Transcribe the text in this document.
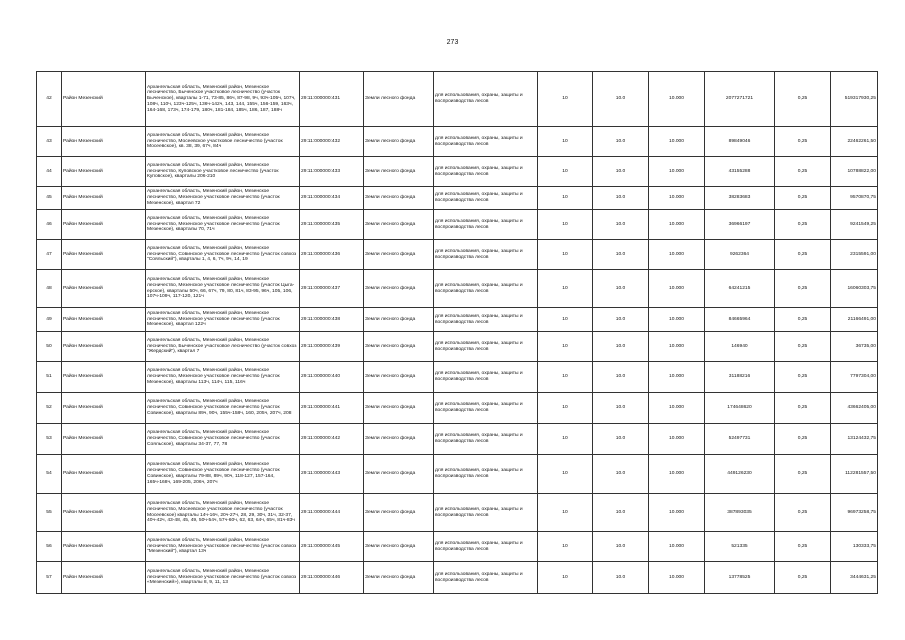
273
42	Район Мезенский	Архангельская область, Мезенский район, Мезенское лесничество, Быченское участковое лесничество (участок Быченское), кварталы 1-71, 73-85, 86ч, 87-98, 9ч, 93ч-105ч, 107ч, 108ч, 110ч, 123ч-125ч, 136ч-142ч, 143, 144, 155ч, 156-159, 163ч, 164-168, 173ч, 174-179, 180ч, 181-184, 185ч, 186, 187, 188ч	29:11:000000:431	Земли лесного фонда	для использования, охраны, защиты и воспроизводства лесов	10	10.0	10.000	2077271721	0,25	519317930,25
43	Район Мезенский	Архангельская область, Мезенский район, Мезенское лесничество, Мосеевское участковое лесничество (участок Мосеевское), кв. 38, 39, 67ч, 84ч	29:11:000000:432	Земли лесного фонда	для использования, охраны, защиты и воспроизводства лесов	10	10.0	10.000	89849046	0,25	22462261,50
44	Район Мезенский	Архангельская область, Мезенский район, Мезенское лесничество, Куповское участковое лесничество (участок Куповское), кварталы 206-210	29:11:000000:433	Земли лесного фонда	для использования, охраны, защиты и воспроизводства лесов	10	10.0	10.000	43155288	0,25	10788822,00
45	Район Мезенский	Архангельская область, Мезенский район, Мезенское лесничество, Мезенское участковое лесничество (участок Мезенское), квартал 72	29:11:000000:434	Земли лесного фонда	для использования, охраны, защиты и воспроизводства лесов	10	10.0	10.000	38283683	0,25	9570870,75
46	Район Мезенский	Архангельская область, Мезенский район, Мезенское лесничество, Мезенское участковое лесничество (участок Мезенское), кварталы 70, 71ч	29:11:000000:435	Земли лесного фонда	для использования, охраны, защиты и воспроизводства лесов	10	10.0	10.000	36966197	0,25	9241549,25
47	Район Мезенский	Архангельская область, Мезенский район, Мезенское лесничество, Совинское участковое лесничество (участок совхоз "Сояльский"), кварталы 1, 4, 6, 7ч, 9ч, 14, 19	29:11:000000:436	Земли лесного фонда	для использования, охраны, защиты и воспроизводства лесов	10	10.0	10.000	9262364	0,25	2315591,00
48	Район Мезенский	Архангельская область, Мезенский район, Мезенское лесничество, Мезенское участковое лесничество (участок Цыга-ерское), кварталы 50ч, 66, 67ч, 79, 80, 81ч, 83-95, 96ч, 105, 106, 107ч-109ч, 117-120, 121ч	29:11:000000:437	Земли лесного фонда	для использования, охраны, защиты и воспроизводства лесов	10	10.0	10.000	64241215	0,25	16060303,75
49	Район Мезенский	Архангельская область, Мезенский район, Мезенское лесничество, Мезенское участковое лесничество (участок Мезенское), квартал 122ч	29:11:000000:438	Земли лесного фонда	для использования, охраны, защиты и воспроизводства лесов	10	10.0	10.000	84665964	0,25	21166491,00
50	Район Мезенский	Архангельская область, Мезенский район, Мезенское лесничество, Быченское участковое лесничество (участок совхоз "Жердский"), квартал 7	29:11:000000:439	Земли лесного фонда	для использования, охраны, защиты и воспроизводства лесов	10	10.0	10.000	146940	0,25	36735,00
51	Район Мезенский	Архангельская область, Мезенский район, Мезенское лесничество, Мезенское участковое лесничество (участок Мезенское), кварталы 113ч, 114ч, 115, 116ч	29:11:000000:440	Земли лесного фонда	для использования, охраны, защиты и воспроизводства лесов	10	10.0	10.000	31188216	0,25	7797304,00
52	Район Мезенский	Архангельская область, Мезенский район, Мезенское лесничество, Совинское участковое лесничество (участок Совинское), кварталы 89ч, 90ч, 155ч-158ч, 160, 205ч, 207ч, 208	29:11:000000:441	Земли лесного фонда	для использования, охраны, защиты и воспроизводства лесов	10	10.0	10.000	174648620	0,25	43662405,00
53	Район Мезенский	Архангельская область, Мезенский район, Мезенское лесничество, Совинское участковое лесничество (участок Сояльское), кварталы 34-37, 77, 78	29:11:000000:442	Земли лесного фонда	для использования, охраны, защиты и воспроизводства лесов	10	10.0	10.000	52497731	0,25	13124432,75
54	Район Мезенский	Архангельская область, Мезенский район, Мезенское лесничество, Совинское участковое лесничество (участок Совинское), кварталы 79-88, 89ч, 90ч, 118-127, 157-164, 165ч-168ч, 169-205, 206ч, 207ч	29:11:000000:443	Земли лесного фонда	для использования, охраны, защиты и воспроизводства лесов	10	10.0	10.000	449126230	0,25	112281557,50
55	Район Мезенский	Архангельская область, Мезенский район, Мезенское лесничество, Мосеевское участковое лесничество (участок Мосеевское) кварталы 14ч-16ч, 20ч-27ч, 28, 29, 30ч, 31ч, 32-37, 40ч-42ч, 43-48, 45, 49, 50ч-54ч, 57ч-60ч, 62, 63, 64ч, 65ч, 81ч-83ч	29:11:000000:444	Земли лесного фонда	для использования, охраны, защиты и воспроизводства лесов	10	10.0	10.000	387893035	0,25	96973258,75
56	Район Мезенский	Архангельская область, Мезенский район, Мезенское лесничество, Мезенское участковое лесничество (участок совхоз "Мезенский"), квартал 13ч	29:11:000000:445	Земли лесного фонда	для использования, охраны, защиты и воспроизводства лесов	10	10.0	10.000	521335	0,25	130333,75
57	Район Мезенский	Архангельская область, Мезенский район, Мезенское лесничество, Мезенское участковое лесничество (участок совхоз «Мезенский»), кварталы 8, 9, 11, 13	29:11:000000:446	Земли лесного фонда	для использования, охраны, защиты и воспроизводства лесов	10	10.0	10.000	13778525	0,25	3444631,25
